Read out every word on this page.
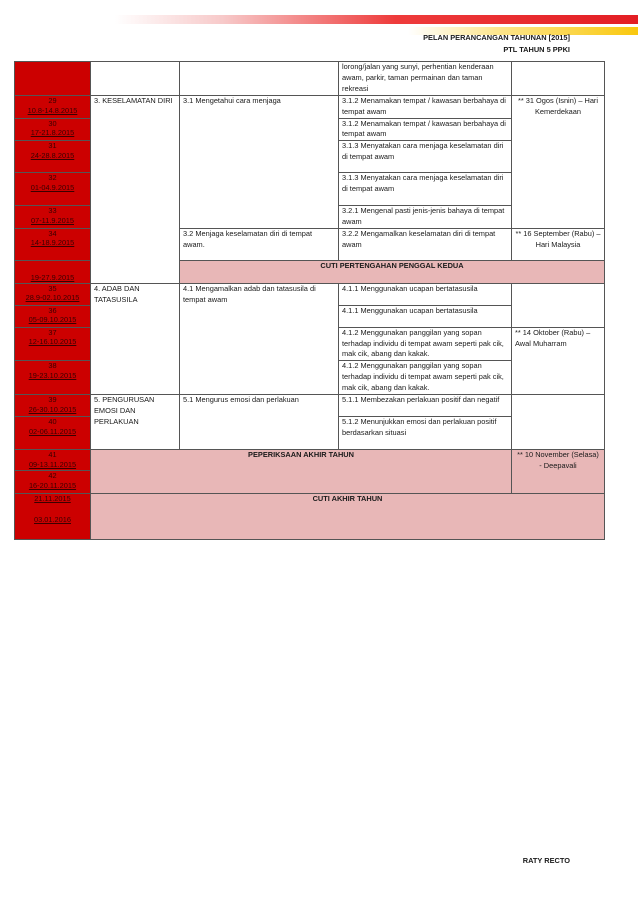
PELAN PERANCANGAN TAHUNAN [2015]
PTL TAHUN 5 PPKI
			lorong/jalan yang sunyi, perhentian kenderaan awam, parkir, taman permainan dan taman rekreasi	

29
10.8-14.8.2015	3. KESELAMATAN DIRI	3.1 Mengetahui cara menjaga	3.1.2 Menamakan tempat / kawasan berbahaya di tempat awam	** 31 Ogos (Isnin) – Hari Kemerdekaan

30
17-21.8.2015			3.1.2 Menamakan tempat / kawasan berbahaya di tempat awam	

31
24-28.8.2015			3.1.3 Menyatakan cara menjaga keselamatan diri di tempat awam	

32
01-04.9.2015			3.1.3 Menyatakan cara menjaga keselamatan diri di tempat awam	

33
07-11.9.2015			3.2.1 Mengenal pasti jenis-jenis bahaya di tempat awam	

34
14-18.9.2015		3.2 Menjaga keselamatan diri di tempat awam.	3.2.2 Mengamalkan keselamatan diri di tempat awam	** 16 September (Rabu) – Hari Malaysia

19-27.9.2015		CUTI PERTENGAHAN PENGGAL KEDUA		

35
28.9-02.10.2015	4. ADAB DAN TATASUSILA	4.1 Mengamalkan adab dan tatasusila di tempat awam	4.1.1 Menggunakan ucapan bertatasusila	

36
05-09.10.2015			4.1.1 Menggunakan ucapan bertatasusila	

37
12-16.10.2015			4.1.2 Menggunakan panggilan yang sopan terhadap individu di tempat awam seperti pak cik, mak cik, abang dan kakak.	** 14 Oktober (Rabu) – Awal Muharram

38
19-23.10.2015			4.1.2 Menggunakan panggilan yang sopan terhadap individu di tempat awam seperti pak cik, mak cik, abang dan kakak.	

39
26-30.10.2015	5. PENGURUSAN EMOSI DAN PERLAKUAN	5.1 Mengurus emosi dan perlakuan	5.1.1 Membezakan perlakuan positif dan negatif	

40
02-06.11.2015			5.1.2 Menunjukkan emosi dan perlakuan positif berdasarkan situasi	

41
09-13.11.2015	PEPERIKSAAN AKHIR TAHUN			** 10 November (Selasa) - Deepavali

42
16-20.11.2015				

21.11.2015
03.01.2016	CUTI AKHIR TAHUN			
RATY RECTO
